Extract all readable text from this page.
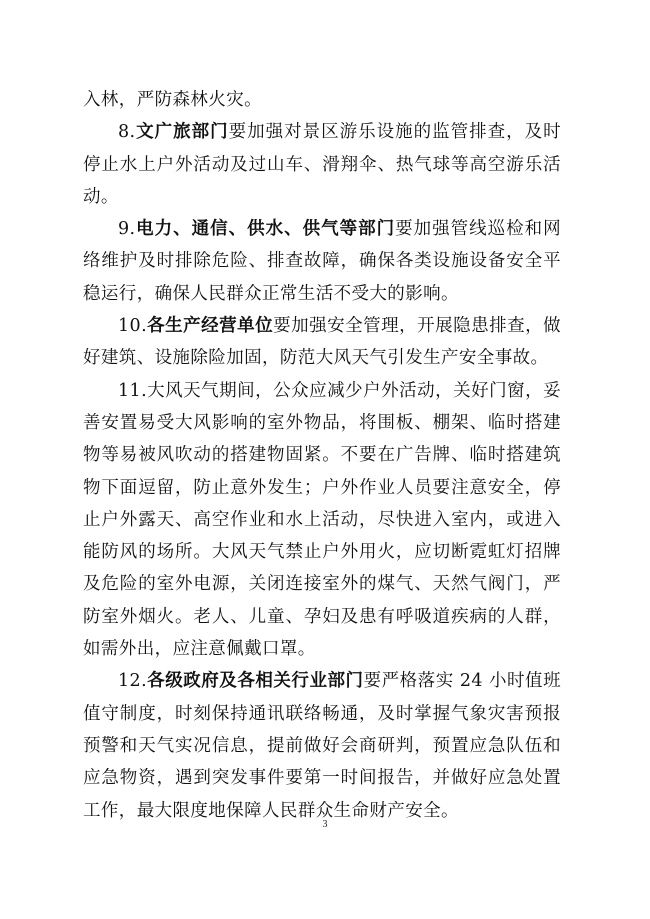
入林，严防森林火灾。

8.文广旅部门要加强对景区游乐设施的监管排查，及时停止水上户外活动及过山车、滑翔伞、热气球等高空游乐活动。

9.电力、通信、供水、供气等部门要加强管线巡检和网络维护及时排除危险、排查故障，确保各类设施设备安全平稳运行，确保人民群众正常生活不受大的影响。

10.各生产经营单位要加强安全管理，开展隐患排查，做好建筑、设施除险加固，防范大风天气引发生产安全事故。

11.大风天气期间，公众应减少户外活动，关好门窗，妥善安置易受大风影响的室外物品，将围板、棚架、临时搭建物等易被风吹动的搭建物固紧。不要在广告牌、临时搭建筑物下面逗留，防止意外发生；户外作业人员要注意安全，停止户外露天、高空作业和水上活动，尽快进入室内，或进入能防风的场所。大风天气禁止户外用火，应切断霓虹灯招牌及危险的室外电源，关闭连接室外的煤气、天然气阀门，严防室外烟火。老人、儿童、孕妇及患有呼吸道疾病的人群，如需外出，应注意佩戴口罩。

12.各级政府及各相关行业部门要严格落实 24 小时值班值守制度，时刻保持通讯联络畅通，及时掌握气象灾害预报预警和天气实况信息，提前做好会商研判，预置应急队伍和应急物资，遇到突发事件要第一时间报告，并做好应急处置工作，最大限度地保障人民群众生命财产安全。

3
